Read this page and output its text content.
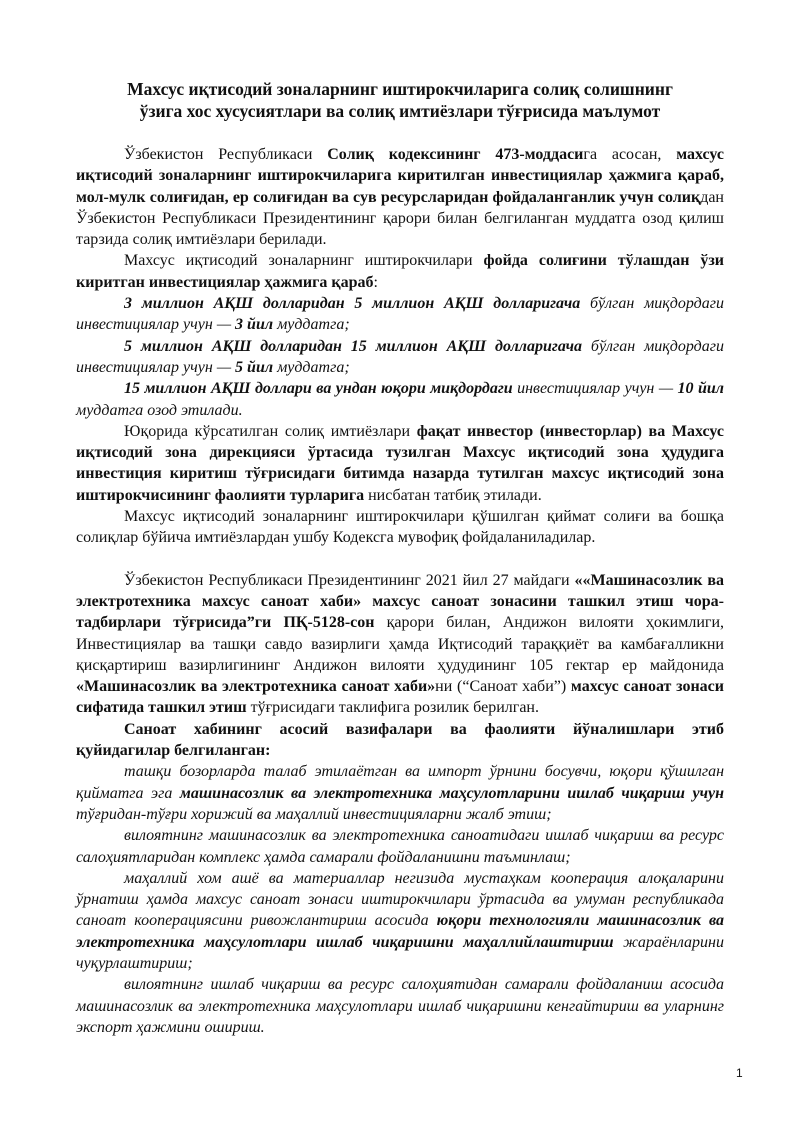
Махсус иқтисодий зоналарнинг иштирокчиларига солиқ солишнинг
ўзига хос хусусиятлари ва солиқ имтиёзлари тўғрисида маълумот

Ўзбекистон Республикаси Солиқ кодексининг 473-моддасига асосан, махсус иқтисодий зоналарнинг иштирокчиларига киритилган инвестициялар ҳажмига қараб, мол-мулк солиғидан, ер солиғидан ва сув ресурсларидан фойдаланганлик учун солиқдан Ўзбекистон Республикаси Президентининг қарори билан белгиланган муддатга озод қилиш тарзида солиқ имтиёзлари берилади.

Махсус иқтисодий зоналарнинг иштирокчилари фойда солиғини тўлашдан ўзи киритган инвестициялар ҳажмига қараб:

3 миллион АҚШ долларидан 5 миллион АҚШ долларигача бўлган миқдордаги инвестициялар учун — 3 йил муддатга;

5 миллион АҚШ долларидан 15 миллион АҚШ долларигача бўлган миқдордаги инвестициялар учун — 5 йил муддатга;

15 миллион АҚШ доллари ва ундан юқори миқдордаги инвестициялар учун — 10 йил муддатга озод этилади.

Юқорида кўрсатилган солиқ имтиёзлари фақат инвестор (инвесторлар) ва Махсус иқтисодий зона дирекцияси ўртасида тузилган Махсус иқтисодий зона ҳудудига инвестиция киритиш тўғрисидаги битимда назарда тутилган махсус иқтисодий зона иштирокчисининг фаолияти турларига нисбатан татбиқ этилади.

Махсус иқтисодий зоналарнинг иштирокчилари қўшилган қиймат солиғи ва бошқа солиқлар бўйича имтиёзлардан ушбу Кодексга мувофиқ фойдаланиладилар.

Ўзбекистон Республикаси Президентининг 2021 йил 27 майдаги ««Машинасозлик ва электротехника махсус саноат хаби» махсус саноат зонасини ташкил этиш чора-тадбирлари тўғрисида”ги ПҚ-5128-сон қарори билан, Андижон вилояти ҳокимлиги, Инвестициялар ва ташқи савдо вазирлиги ҳамда Иқтисодий тараққиёт ва камбағалликни қисқартириш вазирлигининг Андижон вилояти ҳудудининг 105 гектар ер майдонида «Машинасозлик ва электротехника саноат хаби»ни (“Саноат хаби”) махсус саноат зонаси сифатида ташкил этиш тўғрисидаги таклифига розилик берилган.

Саноат хабининг асосий вазифалари ва фаолияти йўналишлари этиб қуйидагилар белгиланган:

ташқи бозорларда талаб этилаётган ва импорт ўрнини босувчи, юқори қўшилган қийматга эга машинасозлик ва электротехника маҳсулотларини ишлаб чиқариш учун тўғридан-тўғри хорижий ва маҳаллий инвестицияларни жалб этиш;

вилоятнинг машинасозлик ва электротехника саноатидаги ишлаб чиқариш ва ресурс салоҳиятларидан комплекс ҳамда самарали фойдаланишни таъминлаш;

маҳаллий хом ашё ва материаллар негизида мустаҳкам кооперация алоқаларини ўрнатиш ҳамда махсус саноат зонаси иштирокчилари ўртасида ва умуман республикада саноат кооперациясини ривожлантириш асосида юқори технологияли машинасозлик ва электротехника маҳсулотлари ишлаб чиқаришни маҳаллийлаштириш жараёнларини чуқурлаштириш;

вилоятнинг ишлаб чиқариш ва ресурс салоҳиятидан самарали фойдаланиш асосида машинасозлик ва электротехника маҳсулотлари ишлаб чиқаришни кенгайтириш ва уларнинг экспорт ҳажмини ошириш.

1
